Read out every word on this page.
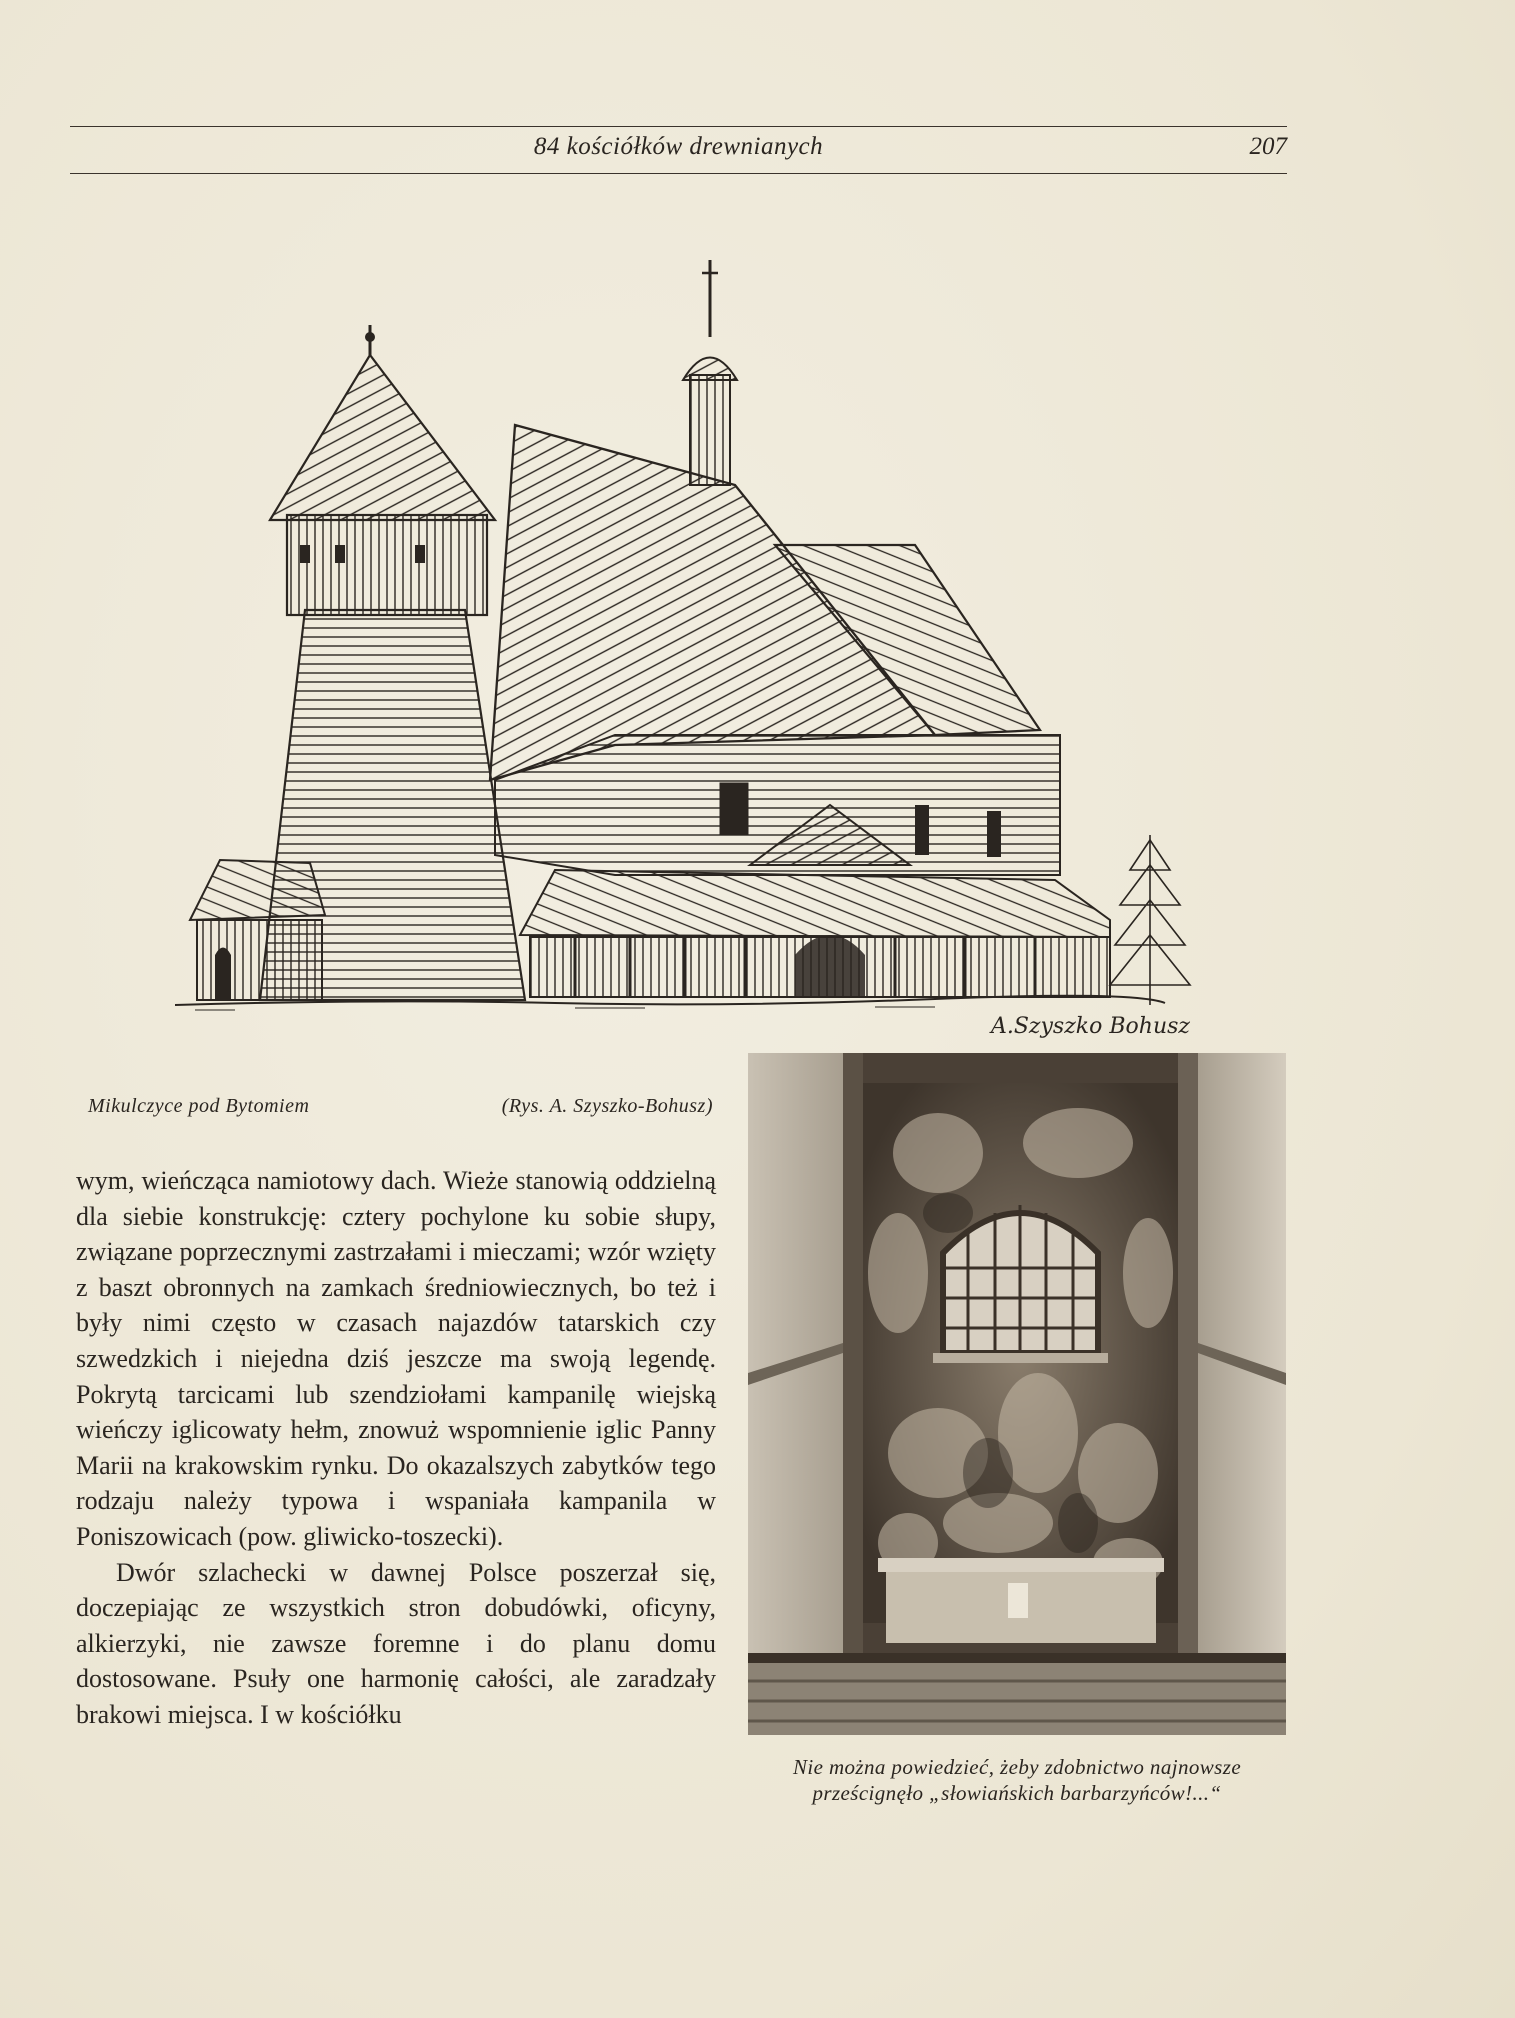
84 kościółków drewnianych	207
A.Szyszko Bohusz
Mikulczyce pod Bytomiem	(Rys. A. Szyszko-Bohusz)

wym, wieńcząca namiotowy dach. Wieże stanowią oddzielną dla siebie konstrukcję: cztery pochylone ku sobie słupy, związane poprzecznymi zastrzałami i mieczami; wzór wzięty z baszt obronnych na zamkach średniowiecznych, bo też i były nimi często w czasach najazdów tatarskich czy szwedzkich i niejedna dziś jeszcze ma swoją legendę. Pokrytą tarcicami lub szendziołami kampanilę wiejską wieńczy iglicowaty hełm, znowuż wspomnienie iglic Panny Marii na krakowskim rynku. Do okazalszych zabytków tego rodzaju należy typowa i wspaniała kampanila w Poniszowicach (pow. gliwicko-toszecki).

Dwór szlachecki w dawnej Polsce poszerzał się, doczepiając ze wszystkich stron dobudówki, oficyny, alkierzyki, nie zawsze foremne i do planu domu dostosowane. Psuły one harmonię całości, ale zaradzały brakowi miejsca. I w kościółku

Nie można powiedzieć, żeby zdobnictwo najnowsze
prześcignęło „słowiańskich barbarzyńców!...“
